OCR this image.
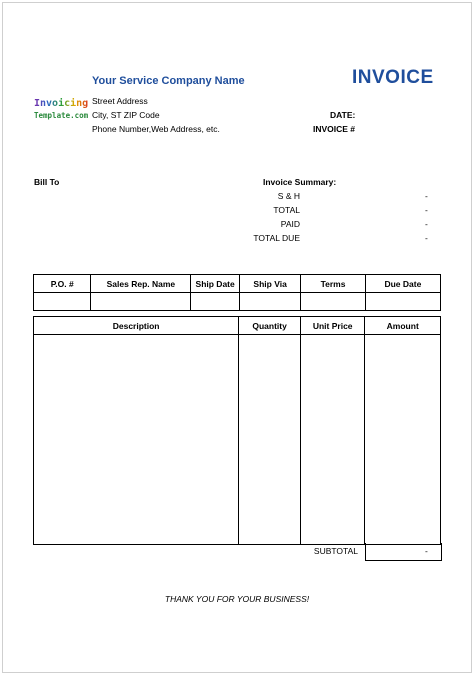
Your Service Company Name	INVOICE
Invoicing
Template.com
Street Address
City, ST ZIP Code
Phone Number,Web Address, etc.
DATE:
INVOICE #
Bill To	Invoice Summary:
S & H	-
TOTAL	-
PAID	-
TOTAL DUE	-
P.O. #	Sales Rep. Name	Ship Date	Ship Via	Terms	Due Date

Description	Quantity	Unit Price	Amount

SUBTOTAL	-
THANK YOU FOR YOUR BUSINESS!
